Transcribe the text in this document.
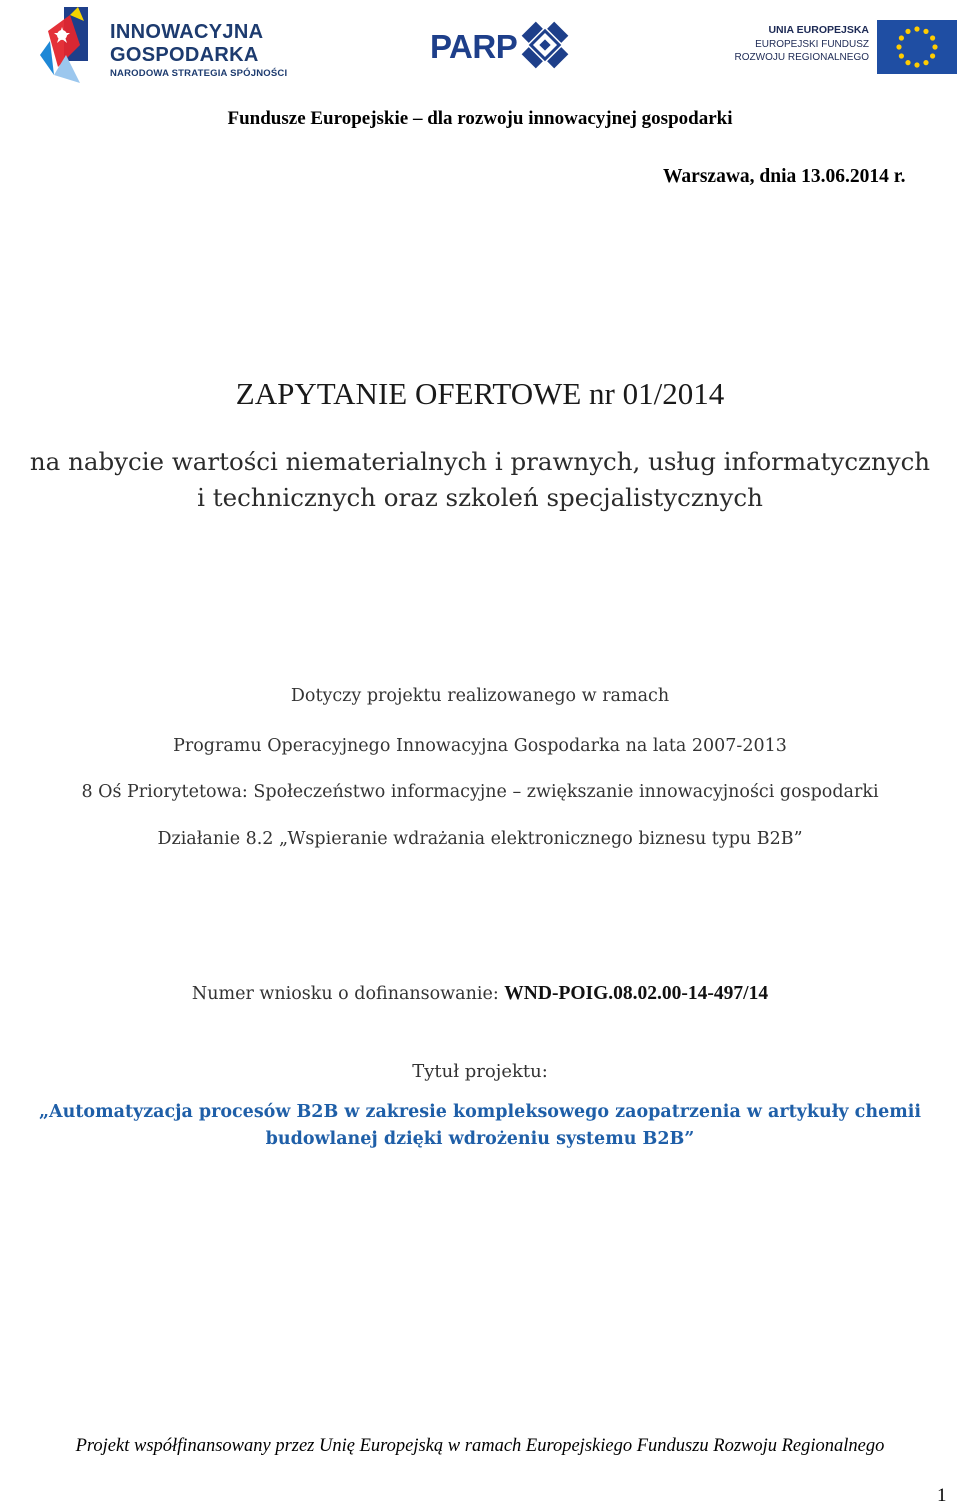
INNOWACYJNA
GOSPODARKA
NARODOWA STRATEGIA SPÓJNOŚCI
PARP	UNIA EUROPEJSKA
EUROPEJSKI FUNDUSZ
ROZWOJU REGIONALNEGO
Fundusze Europejskie – dla rozwoju innowacyjnej gospodarki
Warszawa, dnia 13.06.2014 r.
ZAPYTANIE OFERTOWE nr 01/2014
na nabycie wartości niematerialnych i prawnych, usług informatycznych
i technicznych oraz szkoleń specjalistycznych
Dotyczy projektu realizowanego w ramach
Programu Operacyjnego Innowacyjna Gospodarka na lata 2007-2013
8 Oś Priorytetowa: Społeczeństwo informacyjne – zwiększanie innowacyjności gospodarki
Działanie 8.2 „Wspieranie wdrażania elektronicznego biznesu typu B2B”
Numer wniosku o dofinansowanie: WND-POIG.08.02.00-14-497/14
Tytuł projektu:
„Automatyzacja procesów B2B w zakresie kompleksowego zaopatrzenia w artykuły chemii
budowlanej dzięki wdrożeniu systemu B2B”
Projekt współfinansowany przez Unię Europejską w ramach Europejskiego Funduszu Rozwoju Regionalnego
1
